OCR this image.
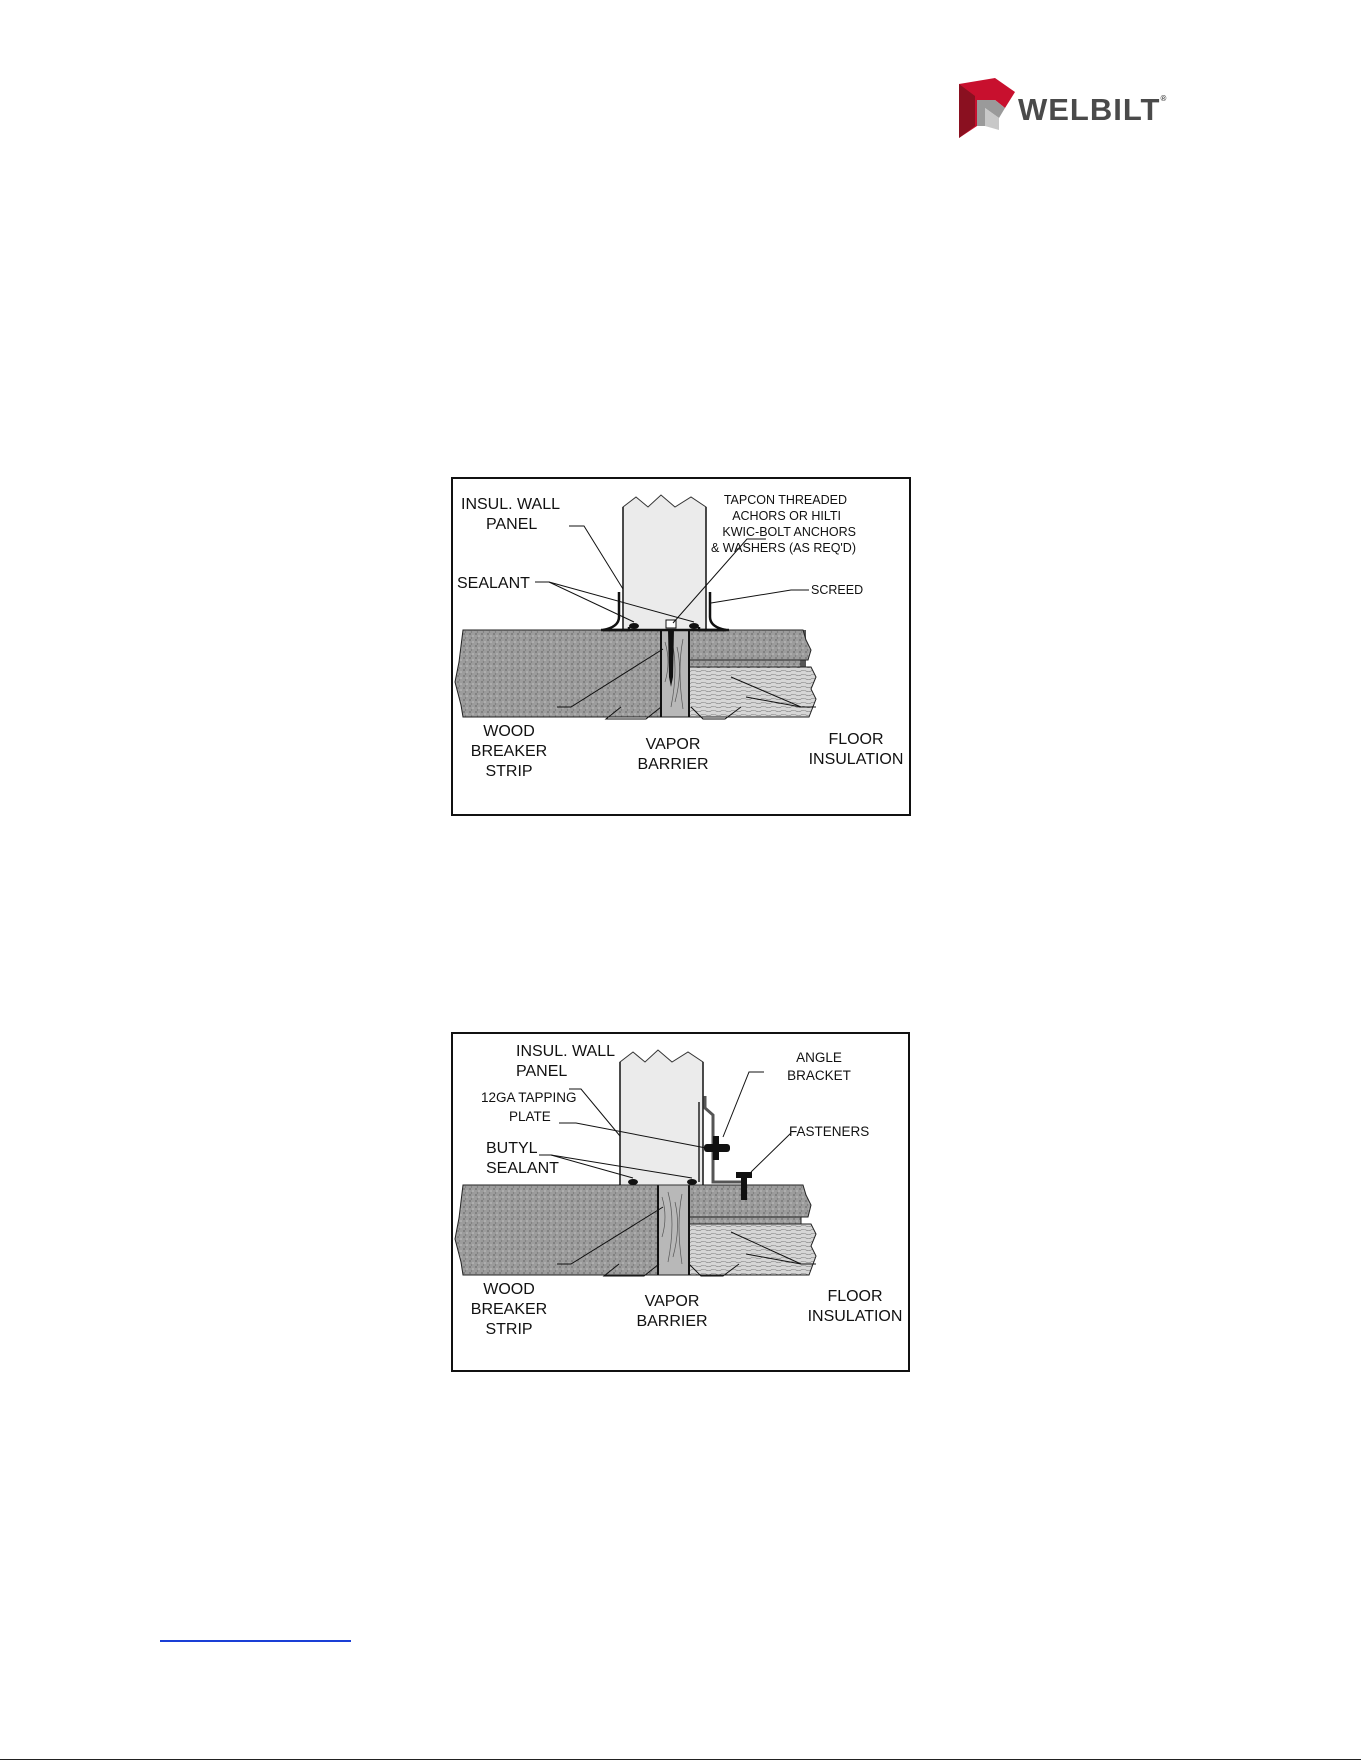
WELBILT®
INSUL. WALL
PANEL
TAPCON THREADED
ACHORS OR HILTI
KWIC-BOLT ANCHORS
& WASHERS (AS REQ'D)
SEALANT	SCREED
WOOD
BREAKER
STRIP
VAPOR
BARRIER
FLOOR
INSULATION
INSUL. WALL
PANEL
12GA TAPPING
PLATE
BUTYL
SEALANT
ANGLE
BRACKET
FASTENERS
WOOD
BREAKER
STRIP
VAPOR
BARRIER
FLOOR
INSULATION
